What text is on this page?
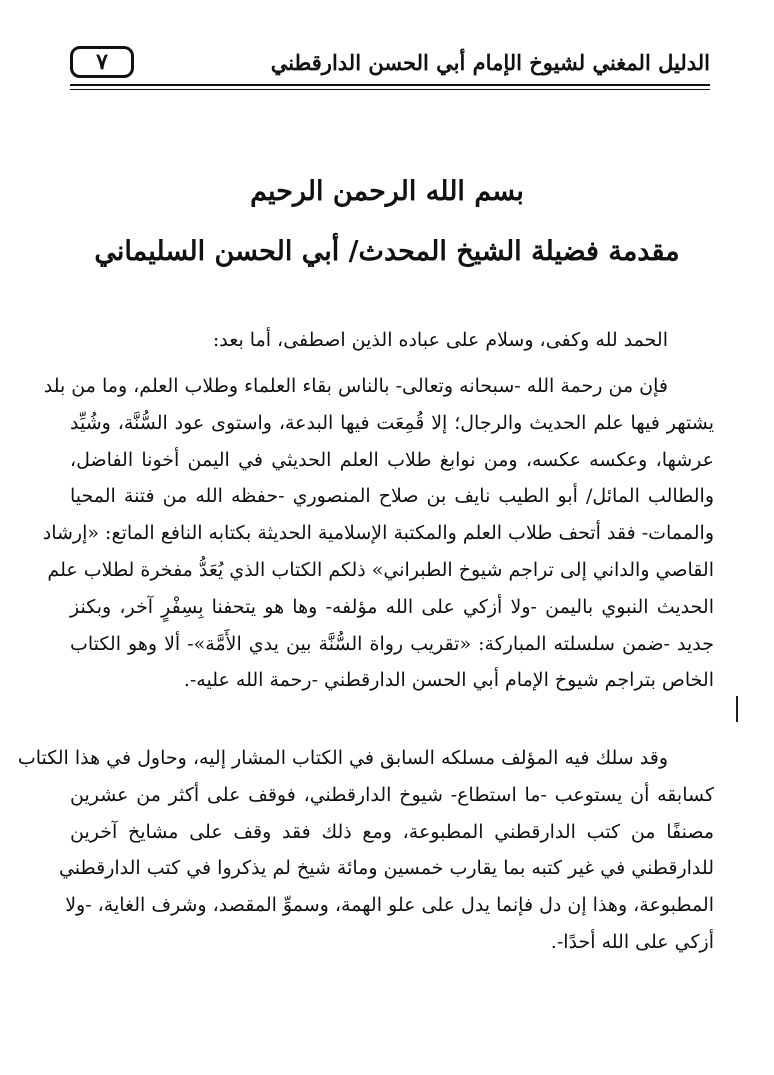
٧	الدليل المغني لشيوخ الإمام أبي الحسن الدارقطني
بسم الله الرحمن الرحيم
مقدمة فضيلة الشيخ المحدث/ أبي الحسن السليماني
الحمد لله وكفى، وسلام على عباده الذين اصطفى، أما بعد:
فإن من رحمة الله -سبحانه وتعالى- بالناس بقاء العلماء وطلاب العلم، وما من بلد
يشتهر فيها علم الحديث والرجال؛ إلا قُمِعَت فيها البدعة، واستوى عود السُّنَّة، وشُيِّد
عرشها، وعكسه عكسه، ومن نوابغ طلاب العلم الحديثي في اليمن أخونا الفاضل،
والطالب المائل/ أبو الطيب نايف بن صلاح المنصوري -حفظه الله من فتنة المحيا
والممات- فقد أتحف طلاب العلم والمكتبة الإسلامية الحديثة بكتابه النافع الماتع: «إرشاد
القاصي والداني إلى تراجم شيوخ الطبراني» ذلكم الكتاب الذي يُعَدُّ مفخرة لطلاب علم
الحديث النبوي باليمن -ولا أزكي على الله مؤلفه- وها هو يتحفنا بِسِفْرٍ آخر، وبكنز
جديد -ضمن سلسلته المباركة: «تقريب رواة السُّنَّة بين يدي الأَمَّة»- ألا وهو الكتاب
الخاص بتراجم شيوخ الإمام أبي الحسن الدارقطني -رحمة الله عليه-.
وقد سلك فيه المؤلف مسلكه السابق في الكتاب المشار إليه، وحاول في هذا الكتاب
كسابقه أن يستوعب -ما استطاع- شيوخ الدارقطني، فوقف على أكثر من عشرين
مصنفًا من كتب الدارقطني المطبوعة، ومع ذلك فقد وقف على مشايخ آخرين
للدارقطني في غير كتبه بما يقارب خمسين ومائة شيخ لم يذكروا في كتب الدارقطني
المطبوعة، وهذا إن دل فإنما يدل على علو الهمة، وسموِّ المقصد، وشرف الغاية، -ولا
أزكي على الله أحدًا-.
